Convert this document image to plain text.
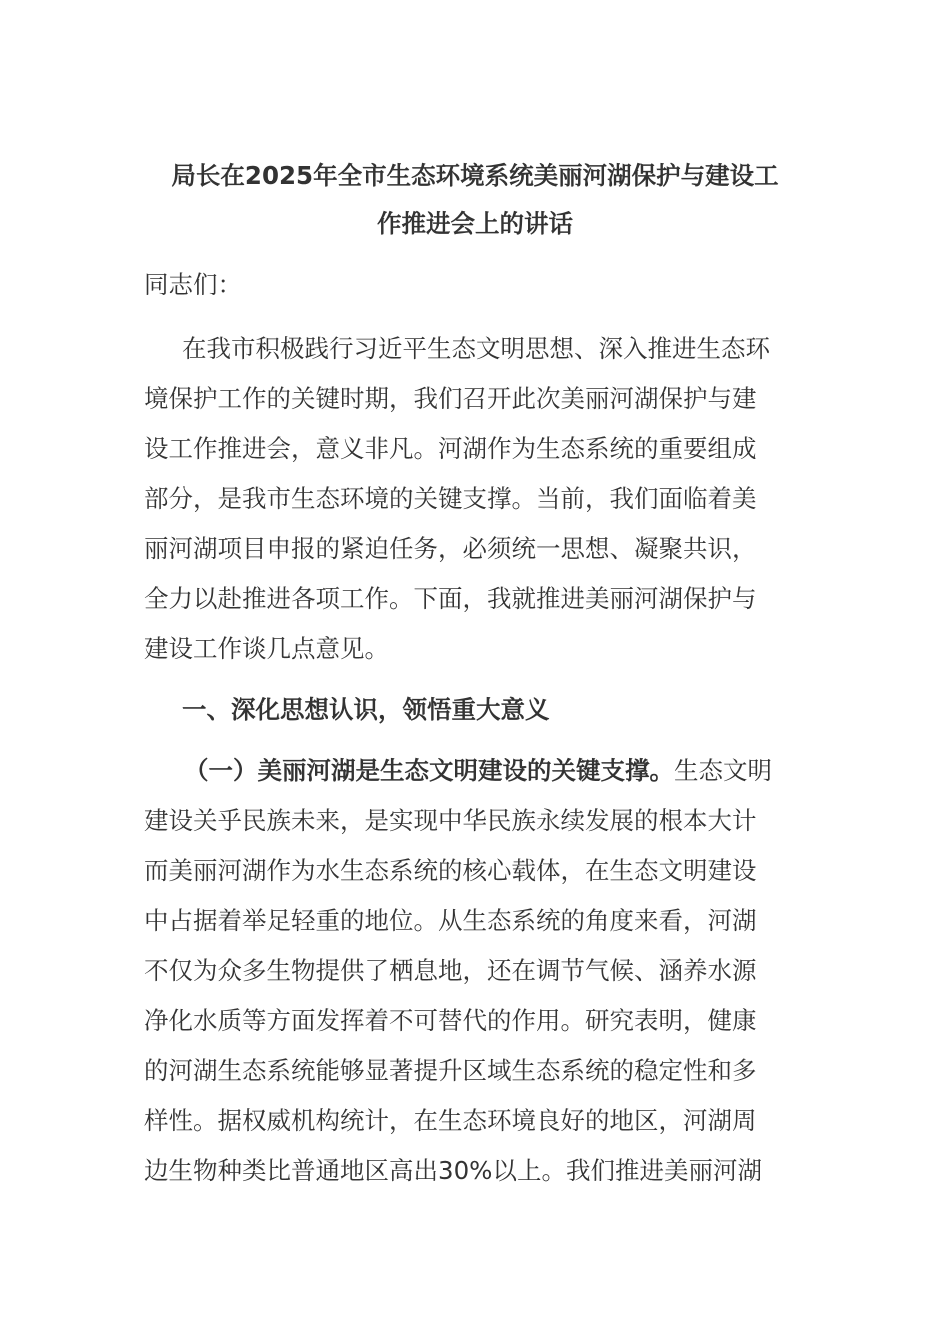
局长在2025年全市生态环境系统美丽河湖保护与建设工
作推进会上的讲话
同志们：
在我市积极践行习近平生态文明思想、深入推进生态环
境保护工作的关键时期，我们召开此次美丽河湖保护与建
设工作推进会，意义非凡。河湖作为生态系统的重要组成
部分，是我市生态环境的关键支撑。当前，我们面临着美
丽河湖项目申报的紧迫任务，必须统一思想、凝聚共识，
全力以赴推进各项工作。下面，我就推进美丽河湖保护与
建设工作谈几点意见。
一、深化思想认识，领悟重大意义
（一）美丽河湖是生态文明建设的关键支撑。生态文明
建设关乎民族未来，是实现中华民族永续发展的根本大计
而美丽河湖作为水生态系统的核心载体，在生态文明建设
中占据着举足轻重的地位。从生态系统的角度来看，河湖
不仅为众多生物提供了栖息地，还在调节气候、涵养水源
净化水质等方面发挥着不可替代的作用。研究表明，健康
的河湖生态系统能够显著提升区域生态系统的稳定性和多
样性。据权威机构统计，在生态环境良好的地区，河湖周
边生物种类比普通地区高出30%以上。我们推进美丽河湖
